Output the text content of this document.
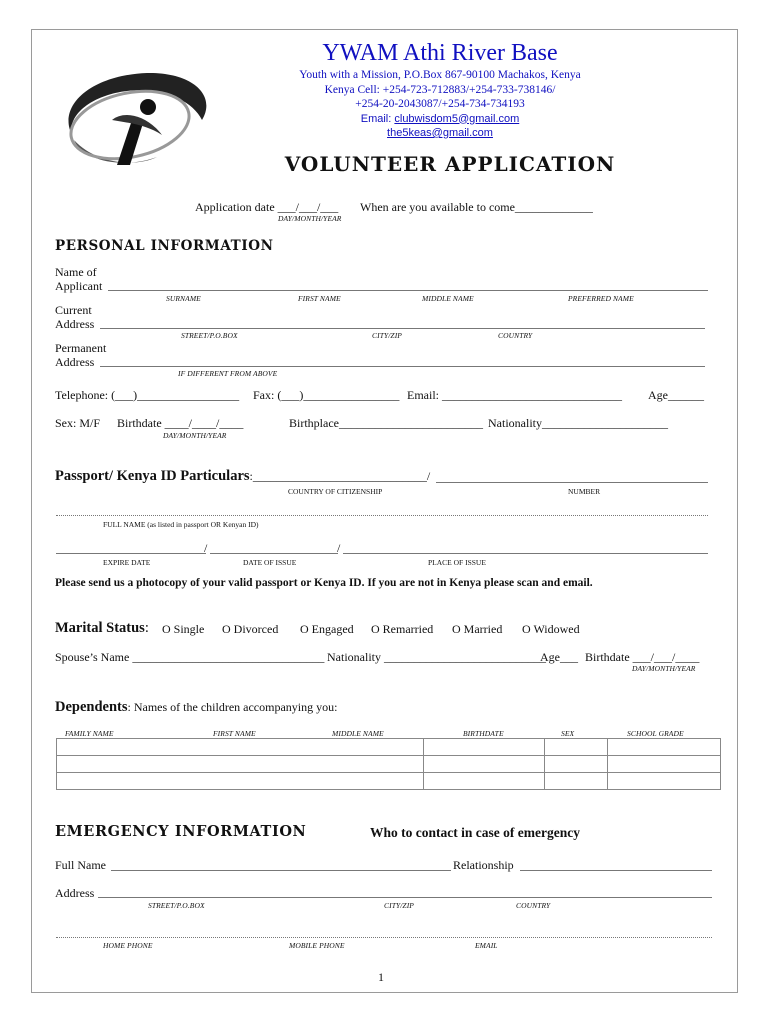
YWAM Athi River Base
Youth with a Mission, P.O.Box 867-90100 Machakos, Kenya
Kenya Cell: +254-723-712883/+254-733-738146/
+254-20-2043087/+254-734-734193
Email: clubwisdom5@gmail.com
the5keas@gmail.com
VOLUNTEER APPLICATION
Application date ___/___/___ When are you available to come_____________
DAY/MONTH/YEAR
PERSONAL INFORMATION
Name of
Applicant
SURNAME	FIRST NAME	MIDDLE NAME	PREFERRED NAME
Current
Address
STREET/P.O.BOX	CITY/ZIP	COUNTRY
Permanent
Address
IF DIFFERENT FROM ABOVE
Telephone: (___)_________________ Fax: (___)________________ Email: ______________________________ Age______
Sex: M/F Birthdate ____/____/____
DAY/MONTH/YEAR
Birthplace________________________ Nationality_____________________
Passport/ Kenya ID Particulars:_____________________________/
COUNTRY OF CITIZENSHIP	NUMBER
FULL NAME (as listed in passport OR Kenyan ID)
/	/
EXPIRE DATE	DATE OF ISSUE	PLACE OF ISSUE
Please send us a photocopy of your valid passport or Kenya ID. If you are not in Kenya please scan and email.
Marital Status: O Single O Divorced O Engaged O Remarried O Married O Widowed
Spouse’s Name ________________________________ Nationality ___________________________
Age___ Birthdate ___/___/____
DAY/MONTH/YEAR
Dependents: Names of the children accompanying you:
FAMILY NAME	FIRST NAME	MIDDLE NAME	BIRTHDATE	SEX	SCHOOL GRADE

EMERGENCY INFORMATION	Who to contact in case of emergency
Full Name	Relationship
Address
STREET/P.O.BOX	CITY/ZIP	COUNTRY
HOME PHONE	MOBILE PHONE	EMAIL
1
